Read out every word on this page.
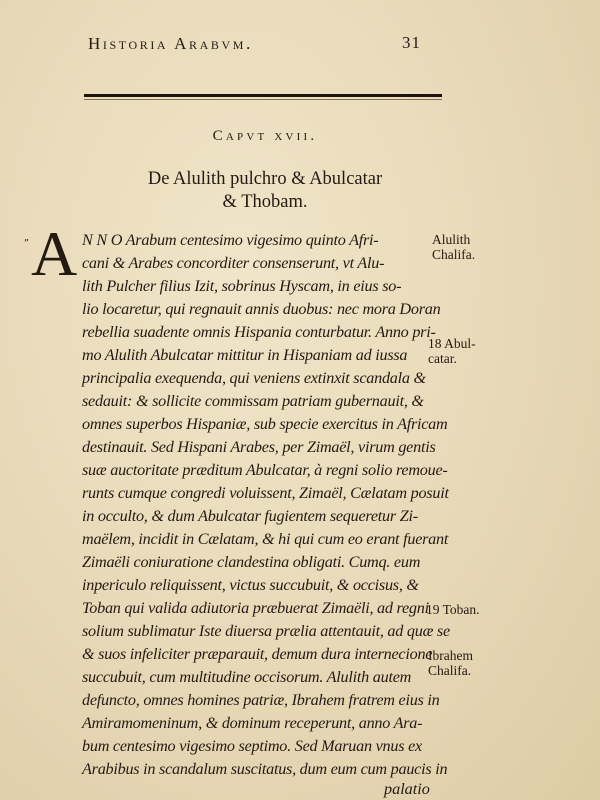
Historia Arabvm.	31
Capvt xvii.
De Alulith pulchro & Abulcatar
& Thobam.
„ A N N O Arabum centesimo vigesimo quinto Afri-
cani & Arabes concorditer consenserunt, vt Alu-
lith Pulcher filius Izit, sobrinus Hyscam, in eius so-
lio locaretur, qui regnauit annis duobus: nec mora Doran
rebellia suadente omnis Hispania conturbatur. Anno pri-
mo Alulith Abulcatar mittitur in Hispaniam ad iussa
principalia exequenda, qui veniens extinxit scandala &
sedauit: & sollicite commissam patriam gubernauit, &
omnes superbos Hispaniæ, sub specie exercitus in Africam
destinauit. Sed Hispani Arabes, per Zimaël, virum gentis
suæ auctoritate præditum Abulcatar, à regni solio remoue-
runts cumque congredi voluissent, Zimaël, Cælatam posuit
in occulto, & dum Abulcatar fugientem sequeretur Zi-
maëlem, incidit in Cælatam, & hi qui cum eo erant fuerant
Zimaëli coniuratione clandestina obligati. Cumq. eum
inpericulo reliquissent, victus succubuit, & occisus, &
Toban qui valida adiutoria præbuerat Zimaëli, ad regni
solium sublimatur Iste diuersa prælia attentauit, ad quæ se
& suos infeliciter præparauit, demum dura internecione
succubuit, cum multitudine occisorum. Alulith autem
defuncto, omnes homines patriæ, Ibrahem fratrem eius in
Amiramomeninum, & dominum receperunt, anno Ara-
bum centesimo vigesimo septimo. Sed Maruan vnus ex
Arabibus in scandalum suscitatus, dum eum cum paucis in
palatio
Alulith
Chalifa.
18 Abul-
catar.
19 Toban.
Ibrahem
Chalifa.
